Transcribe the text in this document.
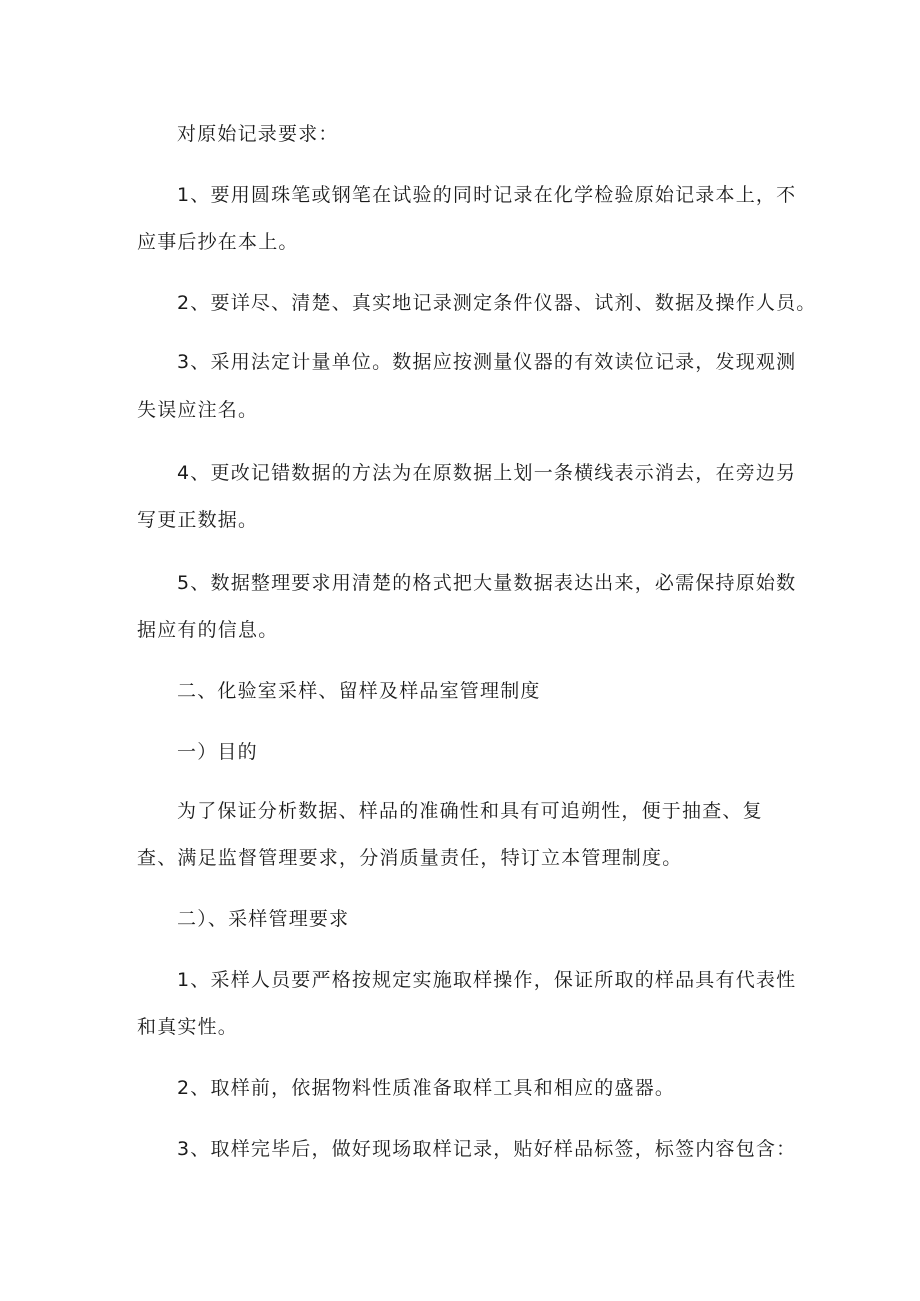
对原始记录要求：

1、要用圆珠笔或钢笔在试验的同时记录在化学检验原始记录本上，不

应事后抄在本上。

2、要详尽、清楚、真实地记录测定条件仪器、试剂、数据及操作人员。

3、采用法定计量单位。数据应按测量仪器的有效读位记录，发现观测

失误应注名。

4、更改记错数据的方法为在原数据上划一条横线表示消去，在旁边另

写更正数据。

5、数据整理要求用清楚的格式把大量数据表达出来，必需保持原始数

据应有的信息。

二、化验室采样、留样及样品室管理制度

一）目的

为了保证分析数据、样品的准确性和具有可追朔性，便于抽查、复

查、满足监督管理要求，分消质量责任，特订立本管理制度。

二）、采样管理要求

1、采样人员要严格按规定实施取样操作，保证所取的样品具有代表性

和真实性。

2、取样前，依据物料性质准备取样工具和相应的盛器。

3、取样完毕后，做好现场取样记录，贴好样品标签，标签内容包含：
